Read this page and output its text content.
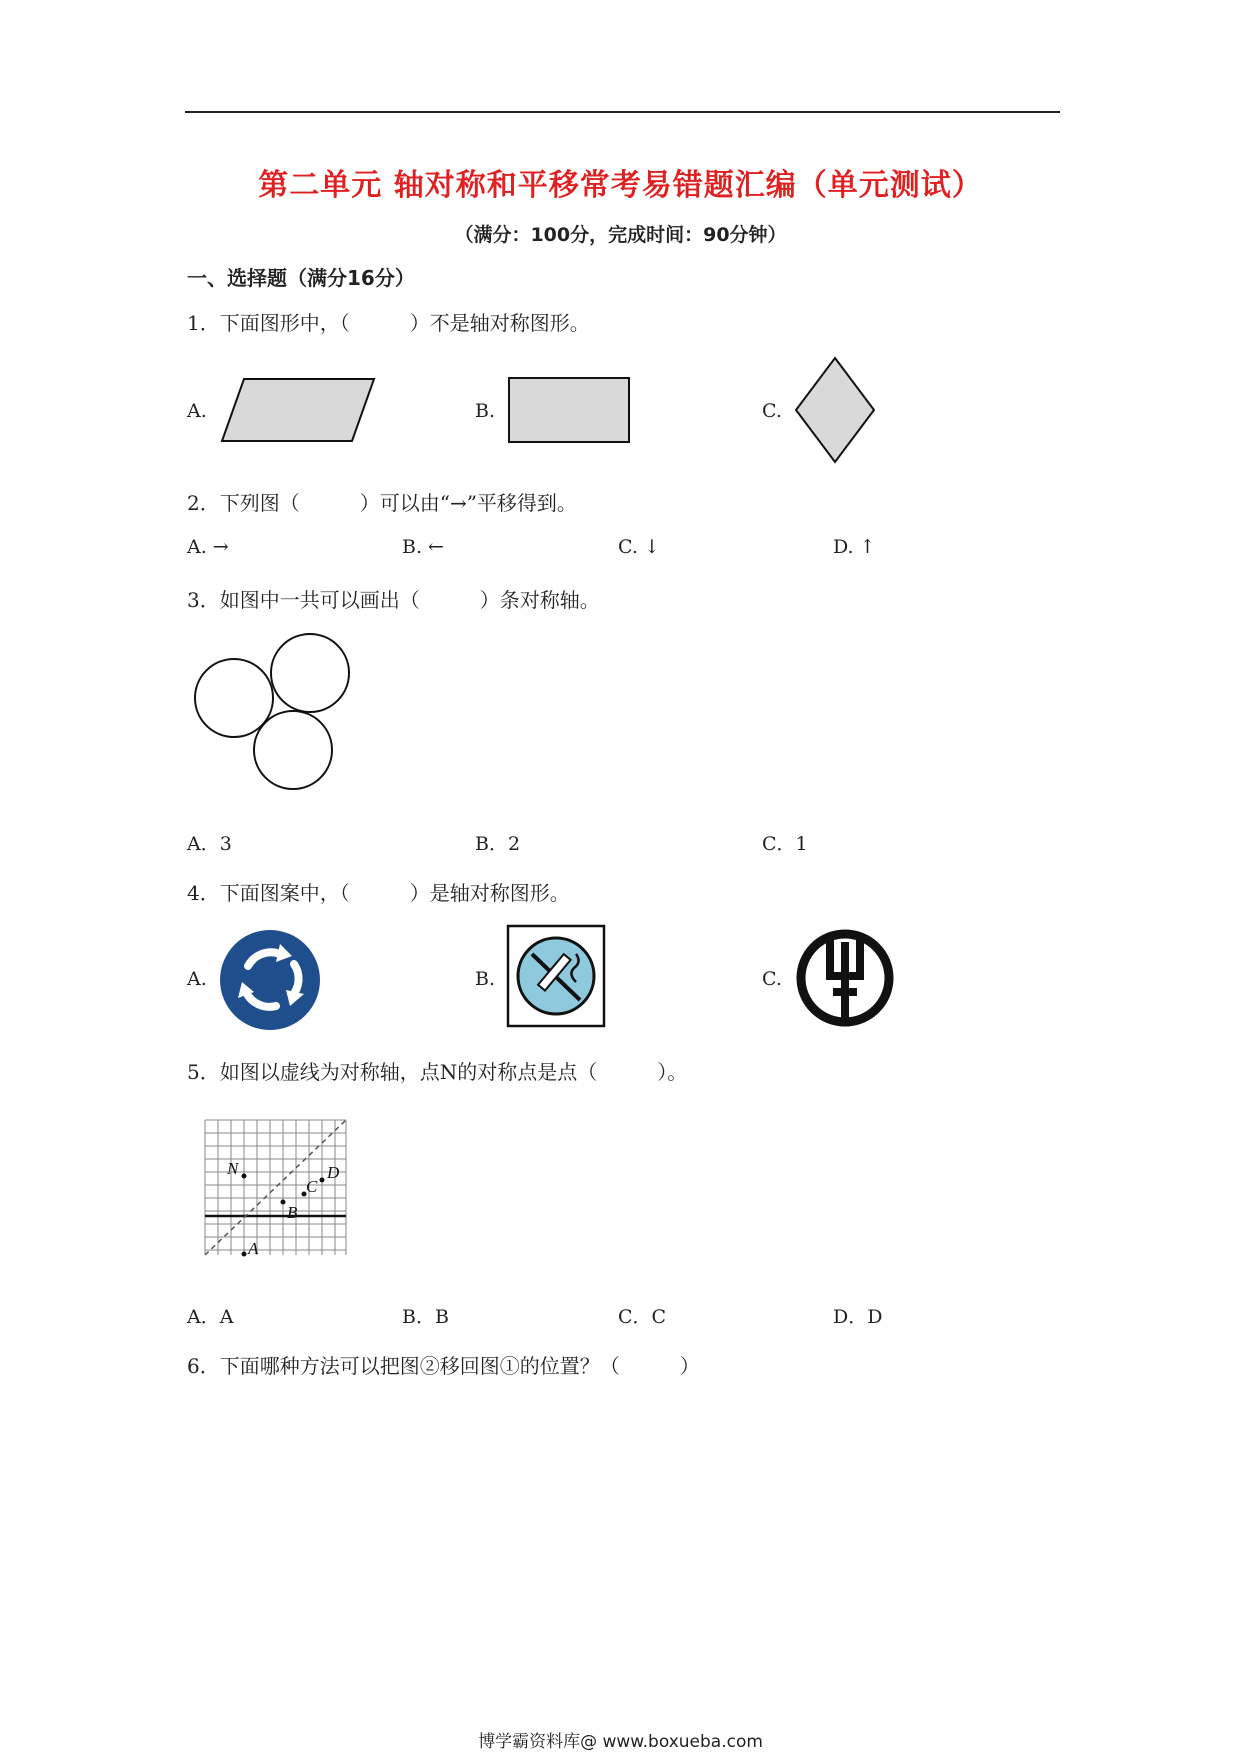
第二单元 轴对称和平移常考易错题汇编（单元测试）
（满分：100分，完成时间：90分钟）
一、选择题（满分16分）
1．下面图形中，（　　　）不是轴对称图形。
A.	B.	C.
2．下列图（　　　）可以由“→”平移得到。
A. →	B. ←	C. ↓	D. ↑
3．如图中一共可以画出（　　　）条对称轴。
A．3	B．2	C．1
4．下面图案中，（　　　）是轴对称图形。
A.	B.	C.
5．如图以虚线为对称轴，点N的对称点是点（　　　）。
N
A
B
C
D
A．A	B．B	C．C	D．D
6．下面哪种方法可以把图②移回图①的位置？（　　　）
博学霸资料库@ www.boxueba.com
